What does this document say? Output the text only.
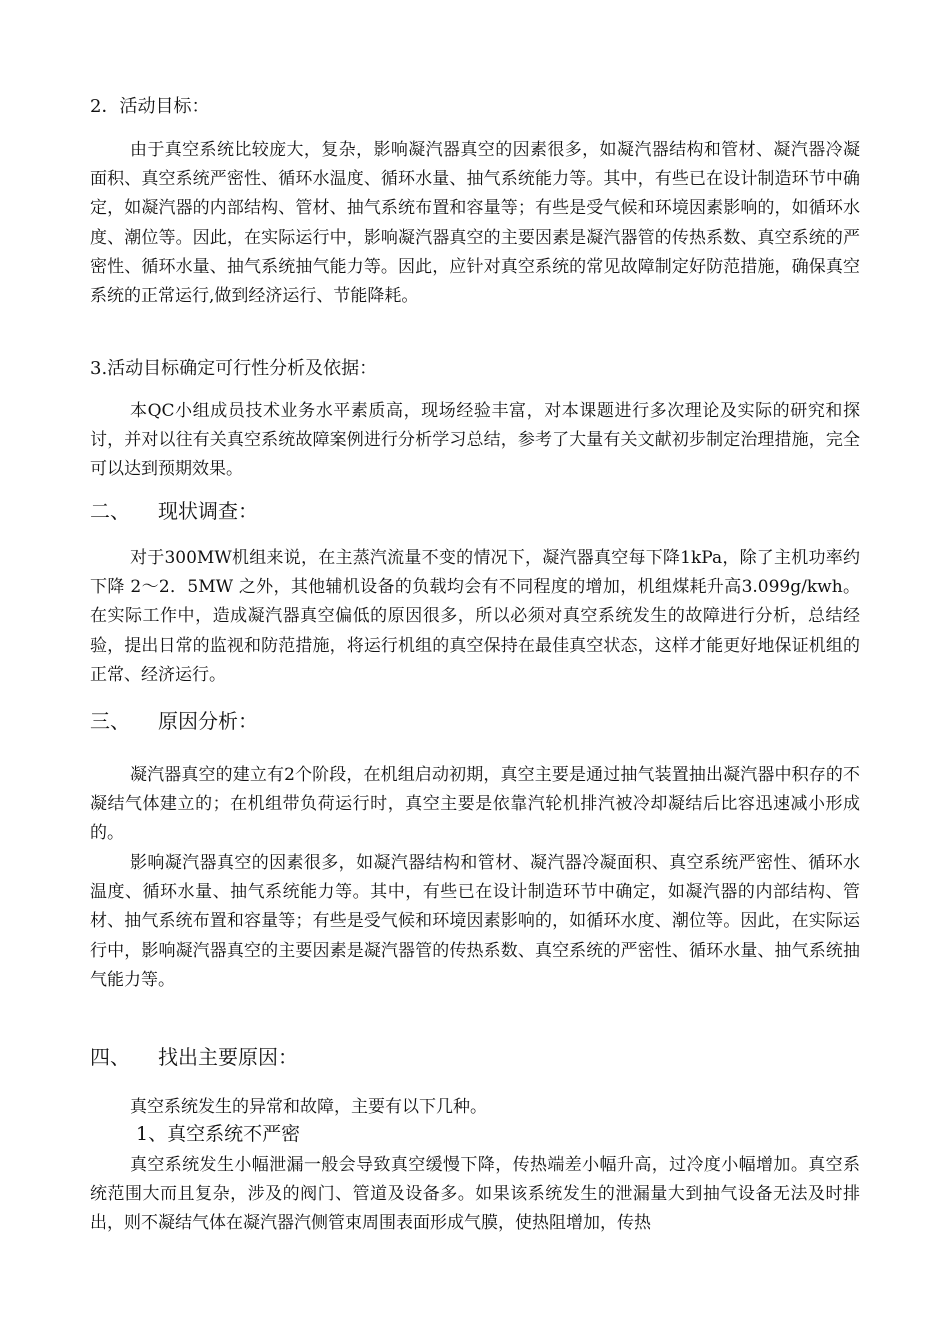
2．活动目标：

由于真空系统比较庞大，复杂，影响凝汽器真空的因素很多，如凝汽器结构和管材、凝汽器冷凝面积、真空系统严密性、循环水温度、循环水量、抽气系统能力等。其中，有些已在设计制造环节中确定，如凝汽器的内部结构、管材、抽气系统布置和容量等；有些是受气候和环境因素影响的，如循环水度、潮位等。因此，在实际运行中，影响凝汽器真空的主要因素是凝汽器管的传热系数、真空系统的严密性、循环水量、抽气系统抽气能力等。因此，应针对真空系统的常见故障制定好防范措施，确保真空系统的正常运行,做到经济运行、节能降耗。

3.活动目标确定可行性分析及依据：

本QC小组成员技术业务水平素质高，现场经验丰富，对本课题进行多次理论及实际的研究和探讨，并对以往有关真空系统故障案例进行分析学习总结，参考了大量有关文献初步制定治理措施，完全可以达到预期效果。

二、 现状调查：

对于300MW机组来说，在主蒸汽流量不变的情况下，凝汽器真空每下降1kPa，除了主机功率约下降 2～2．5MW 之外，其他辅机设备的负载均会有不同程度的增加，机组煤耗升高3.099g/kwh。在实际工作中，造成凝汽器真空偏低的原因很多，所以必须对真空系统发生的故障进行分析，总结经验，提出日常的监视和防范措施，将运行机组的真空保持在最佳真空状态，这样才能更好地保证机组的正常、经济运行。

三、 原因分析：

凝汽器真空的建立有2个阶段，在机组启动初期，真空主要是通过抽气装置抽出凝汽器中积存的不凝结气体建立的；在机组带负荷运行时，真空主要是依靠汽轮机排汽被冷却凝结后比容迅速减小形成的。

影响凝汽器真空的因素很多，如凝汽器结构和管材、凝汽器冷凝面积、真空系统严密性、循环水温度、循环水量、抽气系统能力等。其中，有些已在设计制造环节中确定，如凝汽器的内部结构、管材、抽气系统布置和容量等；有些是受气候和环境因素影响的，如循环水度、潮位等。因此，在实际运行中，影响凝汽器真空的主要因素是凝汽器管的传热系数、真空系统的严密性、循环水量、抽气系统抽气能力等。

四、 找出主要原因：

真空系统发生的异常和故障，主要有以下几种。

1、真空系统不严密

真空系统发生小幅泄漏一般会导致真空缓慢下降，传热端差小幅升高，过冷度小幅增加。真空系统范围大而且复杂，涉及的阀门、管道及设备多。如果该系统发生的泄漏量大到抽气设备无法及时排出，则不凝结气体在凝汽器汽侧管束周围表面形成气膜，使热阻增加，传热
